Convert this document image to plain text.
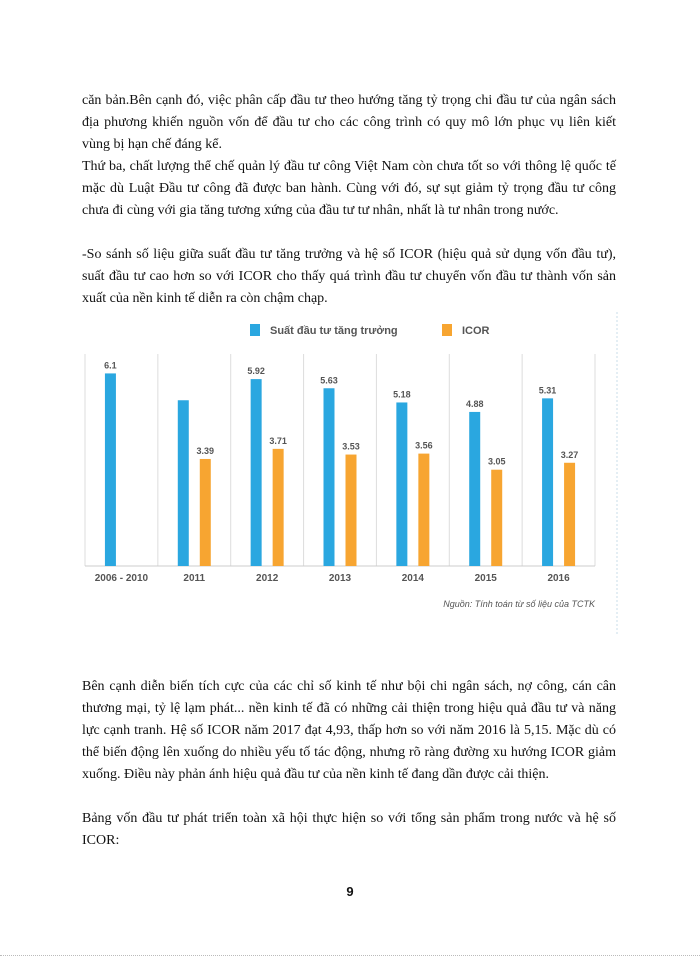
căn bản.Bên cạnh đó, việc phân cấp đầu tư theo hướng tăng tỷ trọng chi đầu tư của ngân sách địa phương khiến nguồn vốn để đầu tư cho các công trình có quy mô lớn phục vụ liên kiết vùng bị hạn chế đáng kể.

Thứ ba, chất lượng thể chế quản lý đầu tư công Việt Nam còn chưa tốt so với thông lệ quốc tế mặc dù Luật Đầu tư công đã được ban hành. Cùng với đó, sự sụt giảm tỷ trọng đầu tư công chưa đi cùng với gia tăng tương xứng của đầu tư tư nhân, nhất là tư nhân trong nước.

-So sánh số liệu giữa suất đầu tư tăng trưởng và hệ số ICOR (hiệu quả sử dụng vốn đầu tư), suất đầu tư cao hơn so với ICOR cho thấy quá trình đầu tư chuyển vốn đầu tư thành vốn sản xuất của nền kinh tế diễn ra còn chậm chạp.

Suất đầu tư tăng trưởng	ICOR
6.1
2006 - 2010
3.39
2011
5.92
3.71
2012
5.63
3.53
2013
5.18
3.56
2014
4.88
3.05
2015
5.31
3.27
2016
Nguồn: Tính toán từ số liệu của TCTK

Bên cạnh diễn biến tích cực của các chỉ số kinh tế như bội chi ngân sách, nợ công, cán cân thương mại, tỷ lệ lạm phát... nền kinh tế đã có những cải thiện trong hiệu quả đầu tư và năng lực cạnh tranh. Hệ số ICOR năm 2017 đạt 4,93, thấp hơn so với năm 2016 là 5,15. Mặc dù có thể biến động lên xuống do nhiều yếu tố tác động, nhưng rõ ràng đường xu hướng ICOR giảm xuống. Điều này phản ánh hiệu quả đầu tư của nền kinh tế đang dần được cải thiện.

Bảng vốn đầu tư phát triển toàn xã hội thực hiện so với tổng sản phẩm trong nước và hệ số ICOR:

9
